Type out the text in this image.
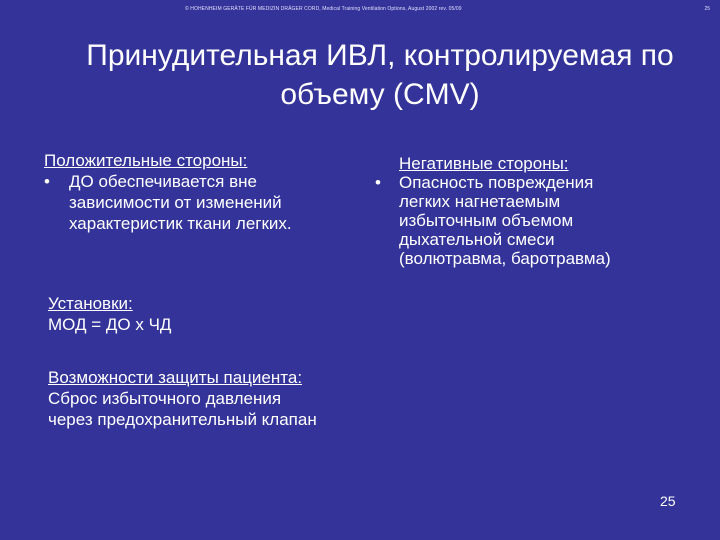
© HOHENHEIM GERÄTE FÜR MEDIZIN DRÄGER CORD, Medical Training Ventilation Options, August 2002 rev. 05/09	25
Принудительная ИВЛ, контролируемая по
объему (CMV)
Положительные стороны:
•	ДО обеспечивается вне
зависимости от изменений
характеристик ткани легких.
Негативные стороны:
•	Опасность повреждения
легких нагнетаемым
избыточным объемом
дыхательной смеси
(волютравма, баротравма)
Установки:
МОД = ДО х ЧД
Возможности защиты пациента:
Сброс избыточного давления
через предохранительный клапан
25
